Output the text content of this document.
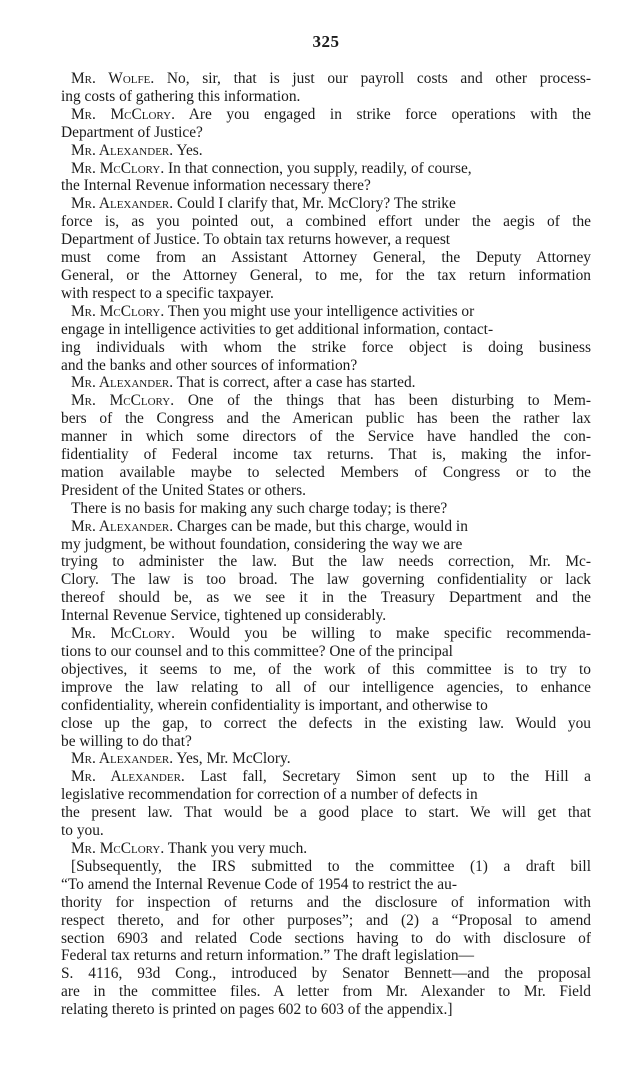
325
Mr. Wolfe. No, sir, that is just our payroll costs and other process-
ing costs of gathering this information.
Mr. McClory. Are you engaged in strike force operations with the
Department of Justice?
Mr. Alexander. Yes.
Mr. McClory. In that connection, you supply, readily, of course,
the Internal Revenue information necessary there?
Mr. Alexander. Could I clarify that, Mr. McClory? The strike
force is, as you pointed out, a combined effort under the aegis of the
Department of Justice. To obtain tax returns however, a request
must come from an Assistant Attorney General, the Deputy Attorney
General, or the Attorney General, to me, for the tax return information
with respect to a specific taxpayer.
Mr. McClory. Then you might use your intelligence activities or
engage in intelligence activities to get additional information, contact-
ing individuals with whom the strike force object is doing business
and the banks and other sources of information?
Mr. Alexander. That is correct, after a case has started.
Mr. McClory. One of the things that has been disturbing to Mem-
bers of the Congress and the American public has been the rather lax
manner in which some directors of the Service have handled the con-
fidentiality of Federal income tax returns. That is, making the infor-
mation available maybe to selected Members of Congress or to the
President of the United States or others.
There is no basis for making any such charge today; is there?
Mr. Alexander. Charges can be made, but this charge, would in
my judgment, be without foundation, considering the way we are
trying to administer the law. But the law needs correction, Mr. Mc-
Clory. The law is too broad. The law governing confidentiality or lack
thereof should be, as we see it in the Treasury Department and the
Internal Revenue Service, tightened up considerably.
Mr. McClory. Would you be willing to make specific recommenda-
tions to our counsel and to this committee? One of the principal
objectives, it seems to me, of the work of this committee is to try to
improve the law relating to all of our intelligence agencies, to enhance
confidentiality, wherein confidentiality is important, and otherwise to
close up the gap, to correct the defects in the existing law. Would you
be willing to do that?
Mr. Alexander. Yes, Mr. McClory.
Mr. Alexander. Last fall, Secretary Simon sent up to the Hill a
legislative recommendation for correction of a number of defects in
the present law. That would be a good place to start. We will get that
to you.
Mr. McClory. Thank you very much.
[Subsequently, the IRS submitted to the committee (1) a draft bill
“To amend the Internal Revenue Code of 1954 to restrict the au-
thority for inspection of returns and the disclosure of information with
respect thereto, and for other purposes”; and (2) a “Proposal to amend
section 6903 and related Code sections having to do with disclosure of
Federal tax returns and return information.” The draft legislation—
S. 4116, 93d Cong., introduced by Senator Bennett—and the proposal
are in the committee files. A letter from Mr. Alexander to Mr. Field
relating thereto is printed on pages 602 to 603 of the appendix.]
